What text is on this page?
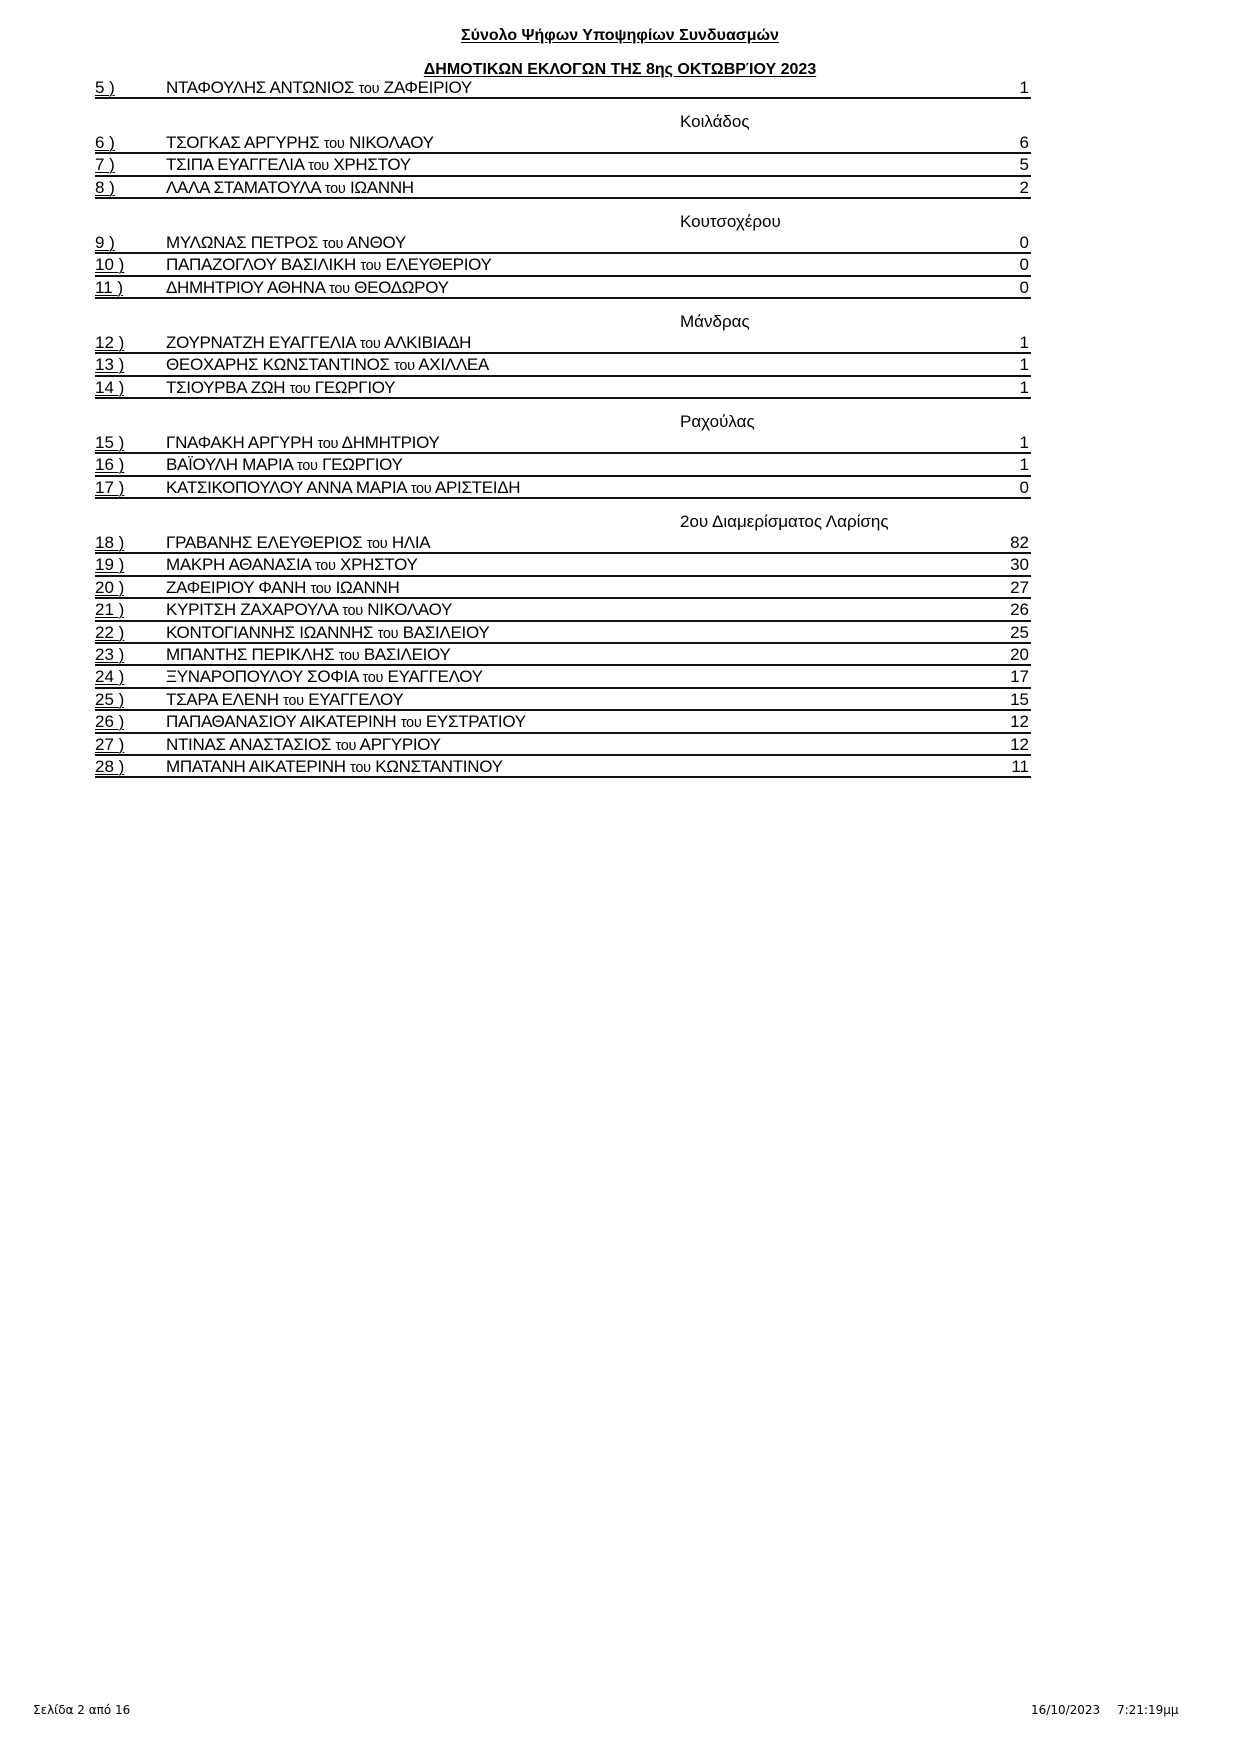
Σύνολο Ψήφων Υποψηφίων Συνδυασμών
ΔΗΜΟΤΙΚΩΝ ΕΚΛΟΓΩΝ ΤΗΣ 8ης ΟΚΤΩΒΡΊΟΥ 2023
5 )	ΝΤΑΦΟΥΛΗΣ ΑΝΤΩΝΙΟΣ του ΖΑΦΕΙΡΙΟΥ	1
Κοιλάδος
6 )	ΤΣΟΓΚΑΣ ΑΡΓΥΡΗΣ του ΝΙΚΟΛΑΟΥ	6
7 )	ΤΣΙΠΑ ΕΥΑΓΓΕΛΙΑ του ΧΡΗΣΤΟΥ	5
8 )	ΛΑΛΑ ΣΤΑΜΑΤΟΥΛΑ του ΙΩΑΝΝΗ	2
Κουτσοχέρου
9 )	ΜΥΛΩΝΑΣ ΠΕΤΡΟΣ του ΑΝΘΟΥ	0
10 ) ΠΑΠΑΖΟΓΛΟΥ ΒΑΣΙΛΙΚΗ του ΕΛΕΥΘΕΡΙΟΥ	0
11 )	ΔΗΜΗΤΡΙΟΥ ΑΘΗΝΑ του ΘΕΟΔΩΡΟΥ	0
Μάνδρας
12 ) ΖΟΥΡΝΑΤΖΗ ΕΥΑΓΓΕΛΙΑ του ΑΛΚΙΒΙΑΔΗ	1
13 ) ΘΕΟΧΑΡΗΣ ΚΩΝΣΤΑΝΤΙΝΟΣ του ΑΧΙΛΛΕΑ	1
14 ) ΤΣΙΟΥΡΒΑ ΖΩΗ του ΓΕΩΡΓΙΟΥ	1
Ραχούλας
15 ) ΓΝΑΦΑΚΗ ΑΡΓΥΡΗ του ΔΗΜΗΤΡΙΟΥ	1
16 ) ΒΑΪΟΥΛΗ ΜΑΡΙΑ του ΓΕΩΡΓΙΟΥ	1
17 ) ΚΑΤΣΙΚΟΠΟΥΛΟΥ ΑΝΝΑ ΜΑΡΙΑ του ΑΡΙΣΤΕΙΔΗ	0
2ου Διαμερίσματος Λαρίσης
18 ) ΓΡΑΒΑΝΗΣ ΕΛΕΥΘΕΡΙΟΣ του ΗΛΙΑ	82
19 ) ΜΑΚΡΗ ΑΘΑΝΑΣΙΑ του ΧΡΗΣΤΟΥ	30
20 ) ΖΑΦΕΙΡΙΟΥ ΦΑΝΗ του ΙΩΑΝΝΗ	27
21 ) ΚΥΡΙΤΣΗ ΖΑΧΑΡΟΥΛΑ του ΝΙΚΟΛΑΟΥ	26
22 ) ΚΟΝΤΟΓΙΑΝΝΗΣ ΙΩΑΝΝΗΣ του ΒΑΣΙΛΕΙΟΥ	25
23 ) ΜΠΑΝΤΗΣ ΠΕΡΙΚΛΗΣ του ΒΑΣΙΛΕΙΟΥ	20
24 ) ΞΥΝΑΡΟΠΟΥΛΟΥ ΣΟΦΙΑ του ΕΥΑΓΓΕΛΟΥ	17
25 ) ΤΣΑΡΑ ΕΛΕΝΗ του ΕΥΑΓΓΕΛΟΥ	15
26 ) ΠΑΠΑΘΑΝΑΣΙΟΥ ΑΙΚΑΤΕΡΙΝΗ του ΕΥΣΤΡΑΤΙΟΥ	12
27 ) ΝΤΙΝΑΣ ΑΝΑΣΤΑΣΙΟΣ του ΑΡΓΥΡΙΟΥ	12
28 ) ΜΠΑΤΑΝΗ ΑΙΚΑΤΕΡΙΝΗ του ΚΩΝΣΤΑΝΤΙΝΟΥ	11
Σελίδα 2 από 16	16/10/2023 7:21:19μμ
